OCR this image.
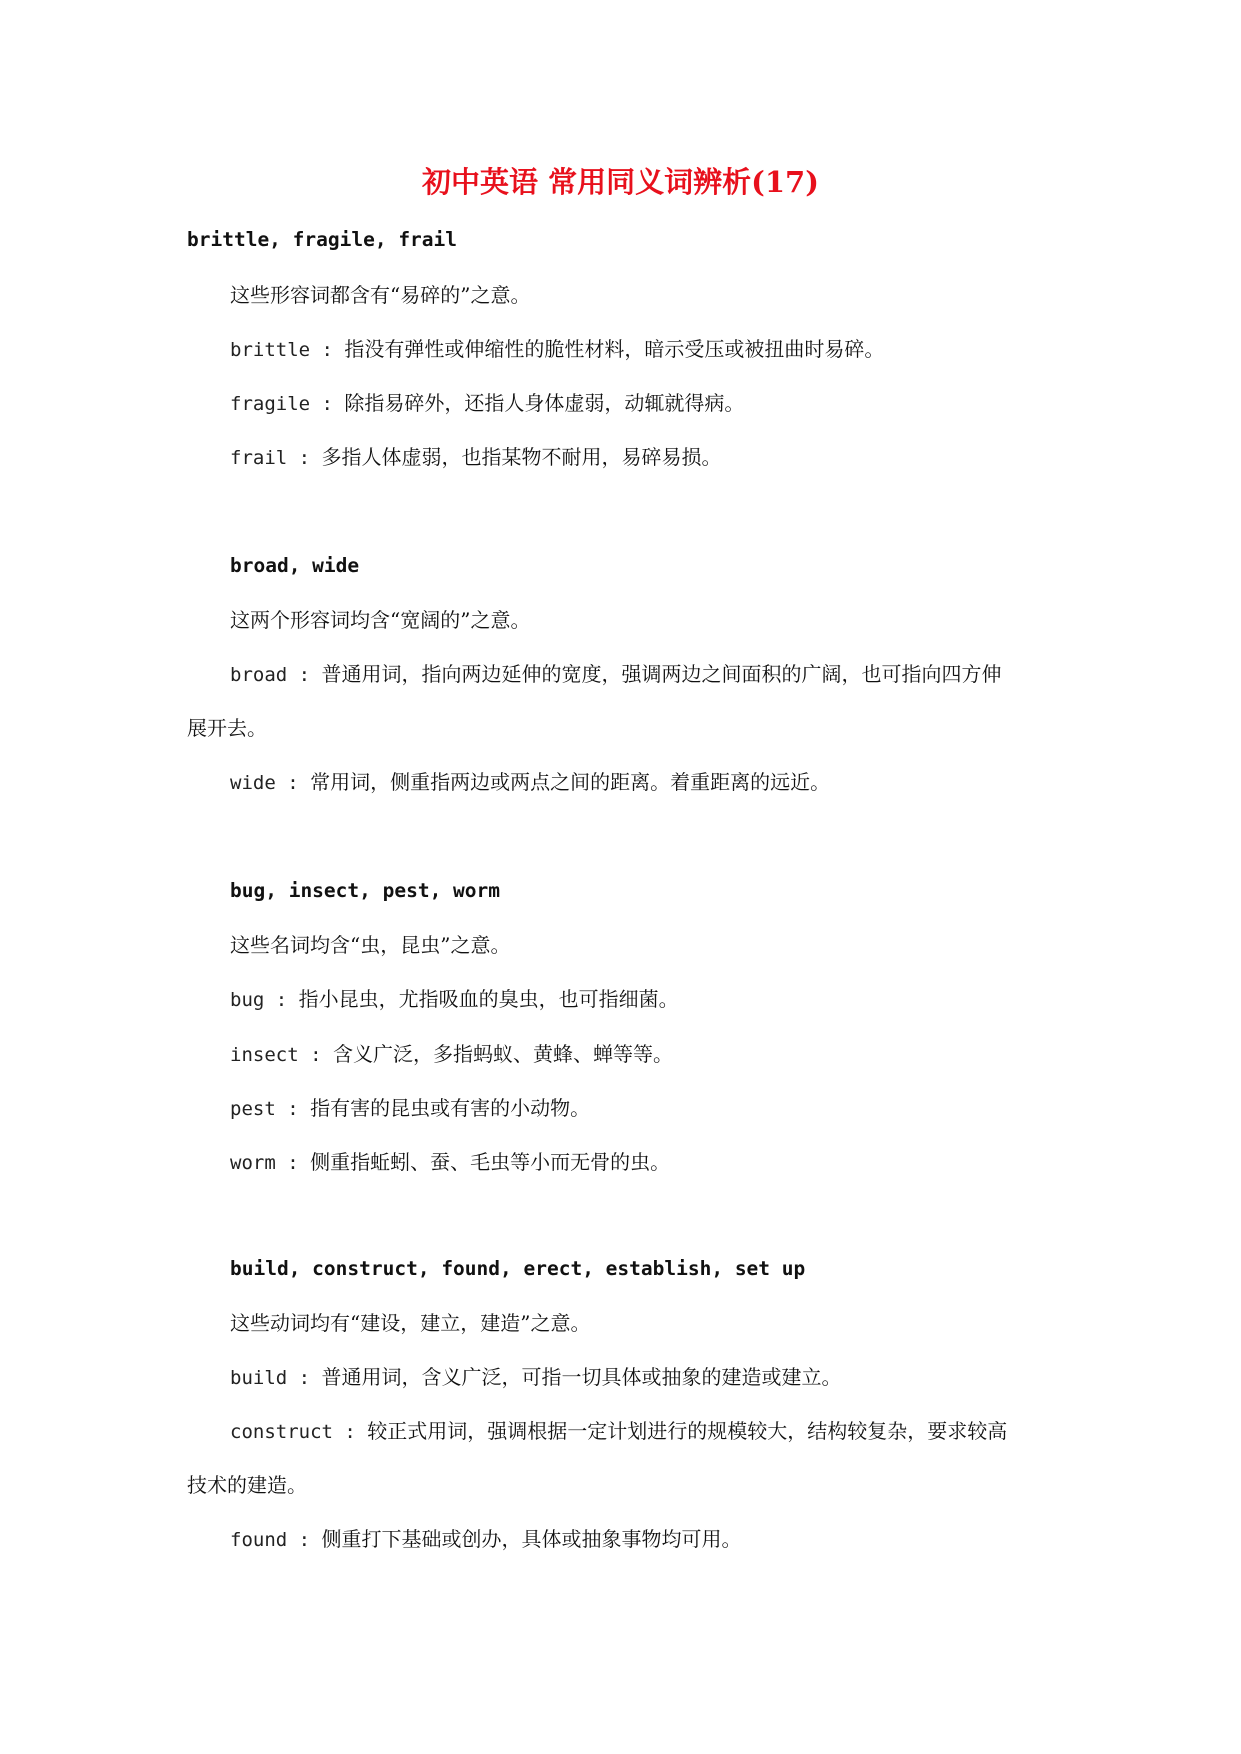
初中英语 常用同义词辨析(17)
brittle, fragile, frail
这些形容词都含有“易碎的”之意。
brittle : 指没有弹性或伸缩性的脆性材料，暗示受压或被扭曲时易碎。
fragile : 除指易碎外，还指人身体虚弱，动辄就得病。
frail : 多指人体虚弱，也指某物不耐用，易碎易损。
broad, wide
这两个形容词均含“宽阔的”之意。
broad : 普通用词，指向两边延伸的宽度，强调两边之间面积的广阔，也可指向四方伸
展开去。
wide : 常用词，侧重指两边或两点之间的距离。着重距离的远近。
bug, insect, pest, worm
这些名词均含“虫，昆虫”之意。
bug : 指小昆虫，尤指吸血的臭虫，也可指细菌。
insect : 含义广泛，多指蚂蚁、黄蜂、蝉等等。
pest : 指有害的昆虫或有害的小动物。
worm : 侧重指蚯蚓、蚕、毛虫等小而无骨的虫。
build, construct, found, erect, establish, set up
这些动词均有“建设，建立，建造”之意。
build : 普通用词，含义广泛，可指一切具体或抽象的建造或建立。
construct : 较正式用词，强调根据一定计划进行的规模较大，结构较复杂，要求较高
技术的建造。
found : 侧重打下基础或创办，具体或抽象事物均可用。
